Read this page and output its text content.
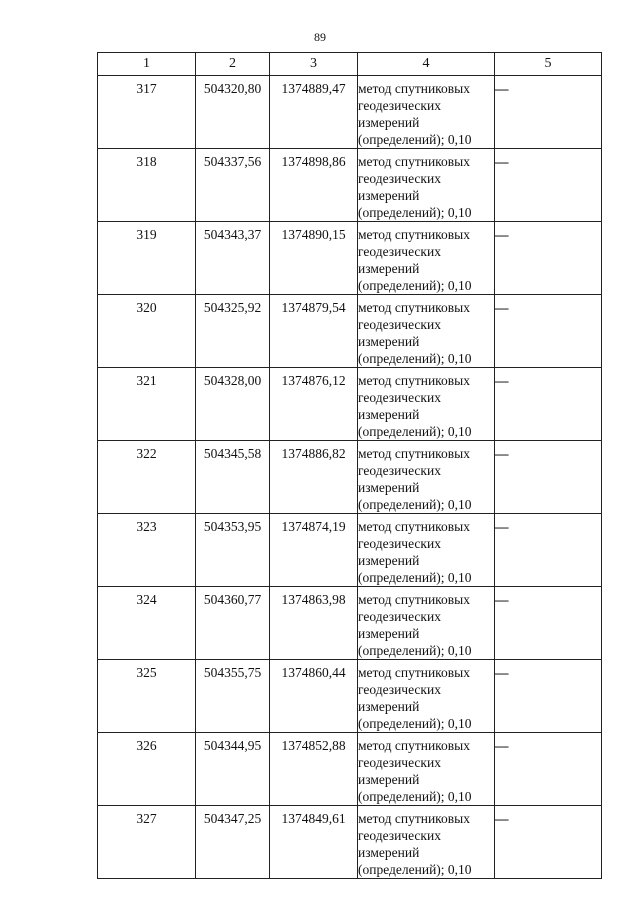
89
1	2	3	4	5
317	504320,80	1374889,47	метод спутниковых
геодезических
измерений
(определений); 0,10	—
318	504337,56	1374898,86	метод спутниковых
геодезических
измерений
(определений); 0,10	—
319	504343,37	1374890,15	метод спутниковых
геодезических
измерений
(определений); 0,10	—
320	504325,92	1374879,54	метод спутниковых
геодезических
измерений
(определений); 0,10	—
321	504328,00	1374876,12	метод спутниковых
геодезических
измерений
(определений); 0,10	—
322	504345,58	1374886,82	метод спутниковых
геодезических
измерений
(определений); 0,10	—
323	504353,95	1374874,19	метод спутниковых
геодезических
измерений
(определений); 0,10	—
324	504360,77	1374863,98	метод спутниковых
геодезических
измерений
(определений); 0,10	—
325	504355,75	1374860,44	метод спутниковых
геодезических
измерений
(определений); 0,10	—
326	504344,95	1374852,88	метод спутниковых
геодезических
измерений
(определений); 0,10	—
327	504347,25	1374849,61	метод спутниковых
геодезических
измерений
(определений); 0,10	—
